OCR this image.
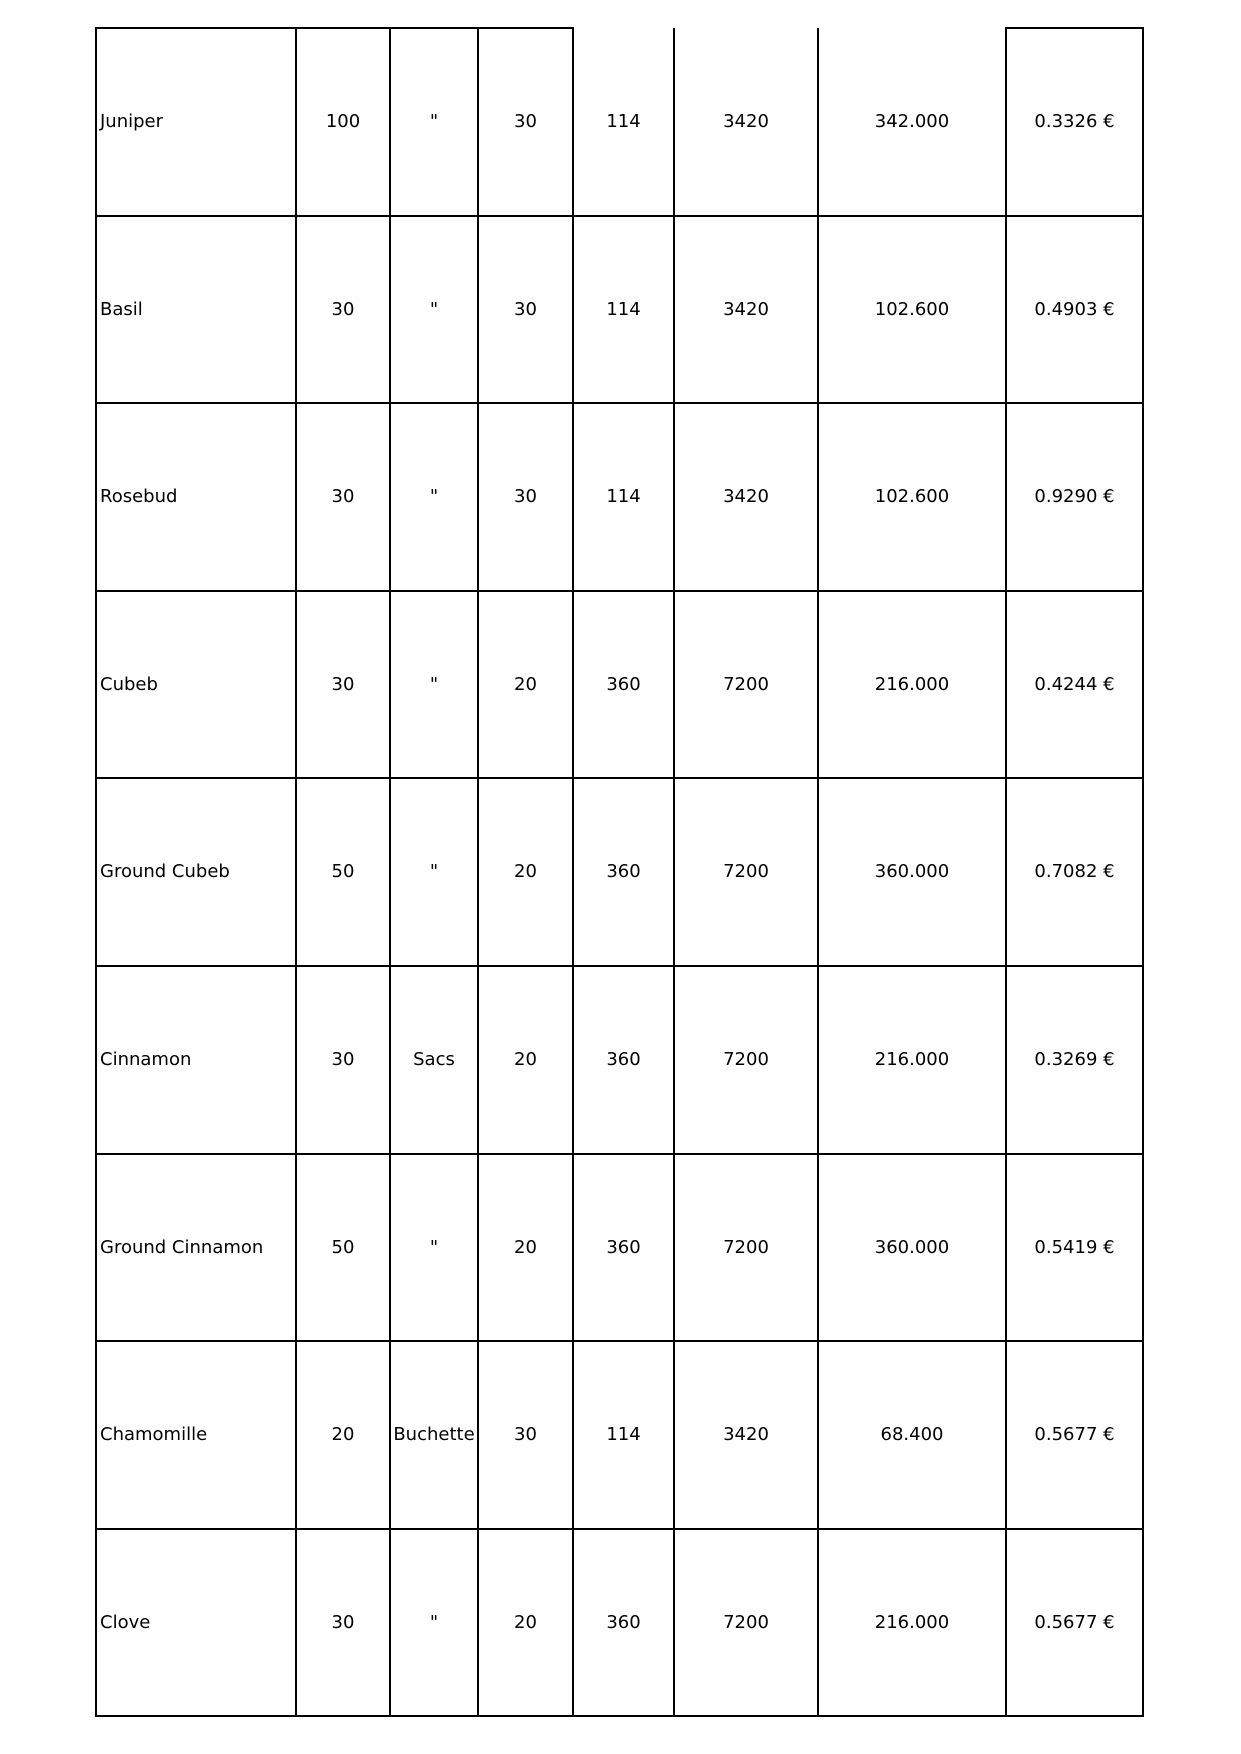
Juniper	100	"	30	114	3420	342.000	0.3326 €
Basil	30	"	30	114	3420	102.600	0.4903 €
Rosebud	30	"	30	114	3420	102.600	0.9290 €
Cubeb	30	"	20	360	7200	216.000	0.4244 €
Ground Cubeb	50	"	20	360	7200	360.000	0.7082 €
Cinnamon	30	Sacs	20	360	7200	216.000	0.3269 €
Ground Cinnamon	50	"	20	360	7200	360.000	0.5419 €
Chamomille	20	Buchette	30	114	3420	68.400	0.5677 €
Clove	30	"	20	360	7200	216.000	0.5677 €
